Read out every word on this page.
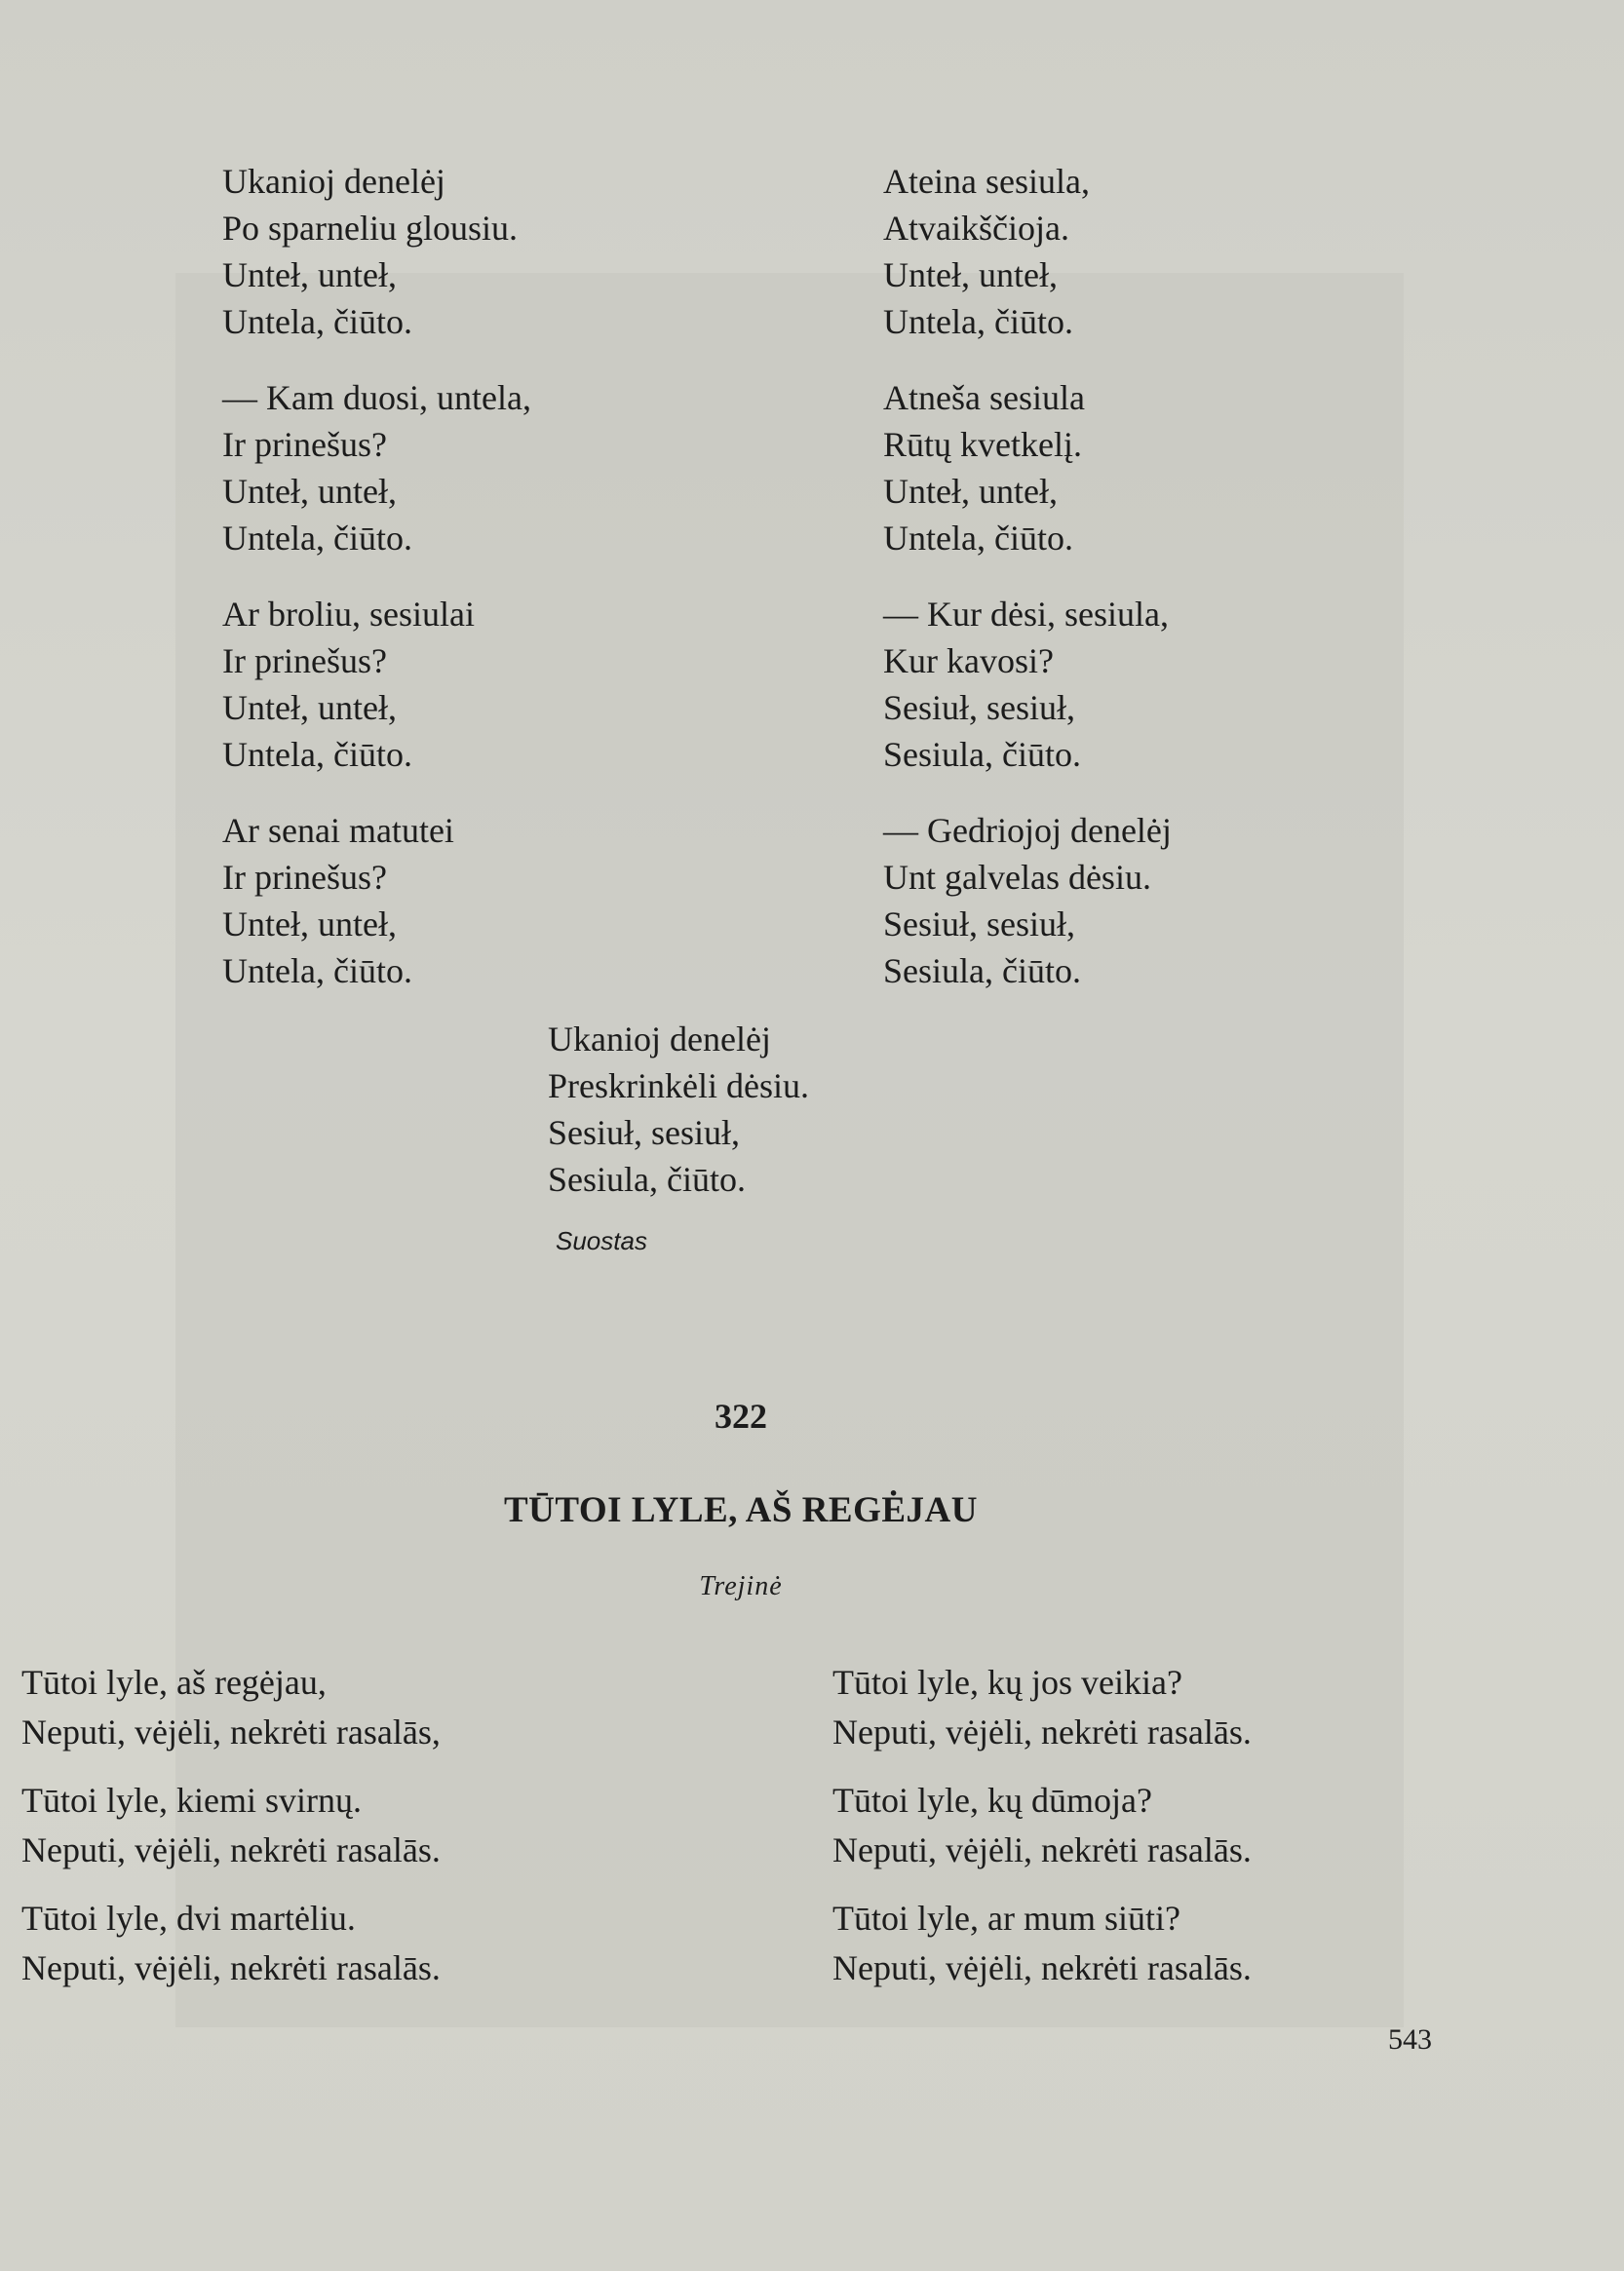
Ukanioj denelėj
Po sparneliu glousiu.
Unteł, unteł,
Untela, čiūto.
— Kam duosi, untela,
Ir prinešus?
Unteł, unteł,
Untela, čiūto.
Ar broliu, sesiulai
Ir prinešus?
Unteł, unteł,
Untela, čiūto.
Ar senai matutei
Ir prinešus?
Unteł, unteł,
Untela, čiūto.
Ateina sesiula,
Atvaikščioja.
Unteł, unteł,
Untela, čiūto.
Atneša sesiula
Rūtų kvetkelį.
Unteł, unteł,
Untela, čiūto.
— Kur dėsi, sesiula,
Kur kavosi?
Sesiuł, sesiuł,
Sesiula, čiūto.
— Gedriojoj denelėj
Unt galvelas dėsiu.
Sesiuł, sesiuł,
Sesiula, čiūto.
Ukanioj denelėj
Preskrinkėli dėsiu.
Sesiuł, sesiuł,
Sesiula, čiūto.
Suostas
322
TŪTOI LYLE, AŠ REGĖJAU
Trejinė
Tūtoi lyle, aš regėjau,
Neputi, vėjėli, nekrėti rasalās,
Tūtoi lyle, kiemi svirnų.
Neputi, vėjėli, nekrėti rasalās.
Tūtoi lyle, dvi martėliu.
Neputi, vėjėli, nekrėti rasalās.
Tūtoi lyle, kų jos veikia?
Neputi, vėjėli, nekrėti rasalās.
Tūtoi lyle, kų dūmoja?
Neputi, vėjėli, nekrėti rasalās.
Tūtoi lyle, ar mum siūti?
Neputi, vėjėli, nekrėti rasalās.
543
